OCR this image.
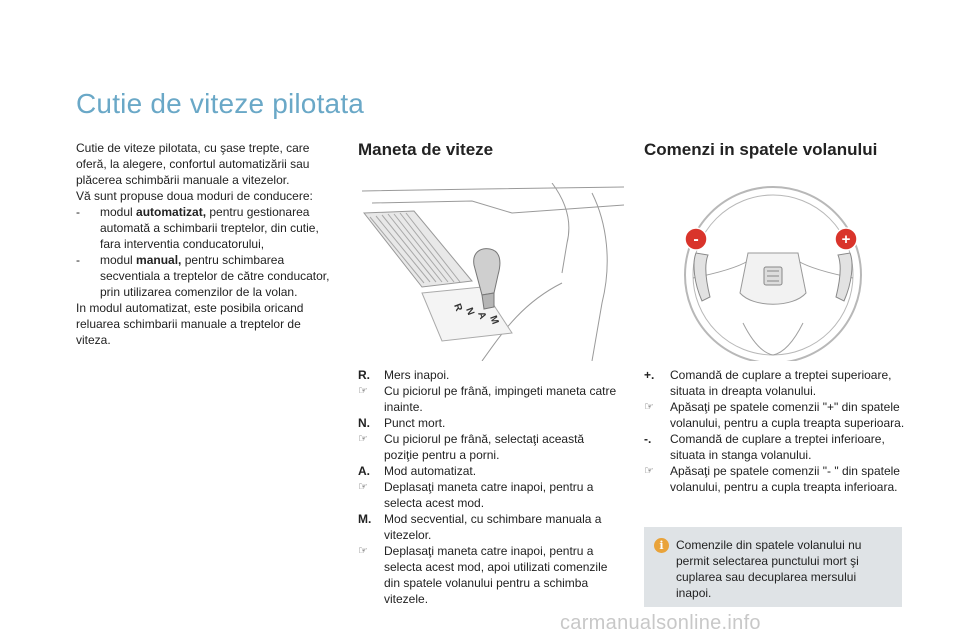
Cutie de viteze pilotata

Cutie de viteze pilotata, cu şase trepte, care oferă, la alegere, confortul automatizării sau plăcerea schimbării manuale a vitezelor.

Vă sunt propuse doua moduri de conducere:

-	modul automatizat, pentru gestionarea automată a schimbarii treptelor, din cutie, fara interventia conducatorului,
-	modul manual, pentru schimbarea secventiala a treptelor de către conducator, prin utilizarea comenzilor de la volan.

In modul automatizat, este posibila oricand reluarea schimbarii manuale a treptelor de viteza.

Maneta de viteze
R N A M
R.	Mers inapoi.
☞	Cu piciorul pe frână, impingeti maneta catre inainte.
N.	Punct mort.
☞	Cu piciorul pe frână, selectaţi această poziţie pentru a porni.
A.	Mod automatizat.
☞	Deplasaţi maneta catre inapoi, pentru a selecta acest mod.
M.	Mod secvential, cu schimbare manuala a vitezelor.
☞	Deplasaţi maneta catre inapoi, pentru a selecta acest mod, apoi utilizati comenzile din spatele volanului pentru a schimba vitezele.
Comenzi in spatele volanului
-	+
+.	Comandă de cuplare a treptei superioare, situata in dreapta volanului.
☞	Apăsaţi pe spatele comenzii "+" din spatele volanului, pentru a cupla treapta superioara.
-.	Comandă de cuplare a treptei inferioare, situata in stanga volanului.
☞	Apăsaţi pe spatele comenzii "- " din spatele volanului, pentru a cupla treapta inferioara.
i	Comenzile din spatele volanului nu permit selectarea punctului mort şi cuplarea sau decuplarea mersului inapoi.
carmanualsonline.info
